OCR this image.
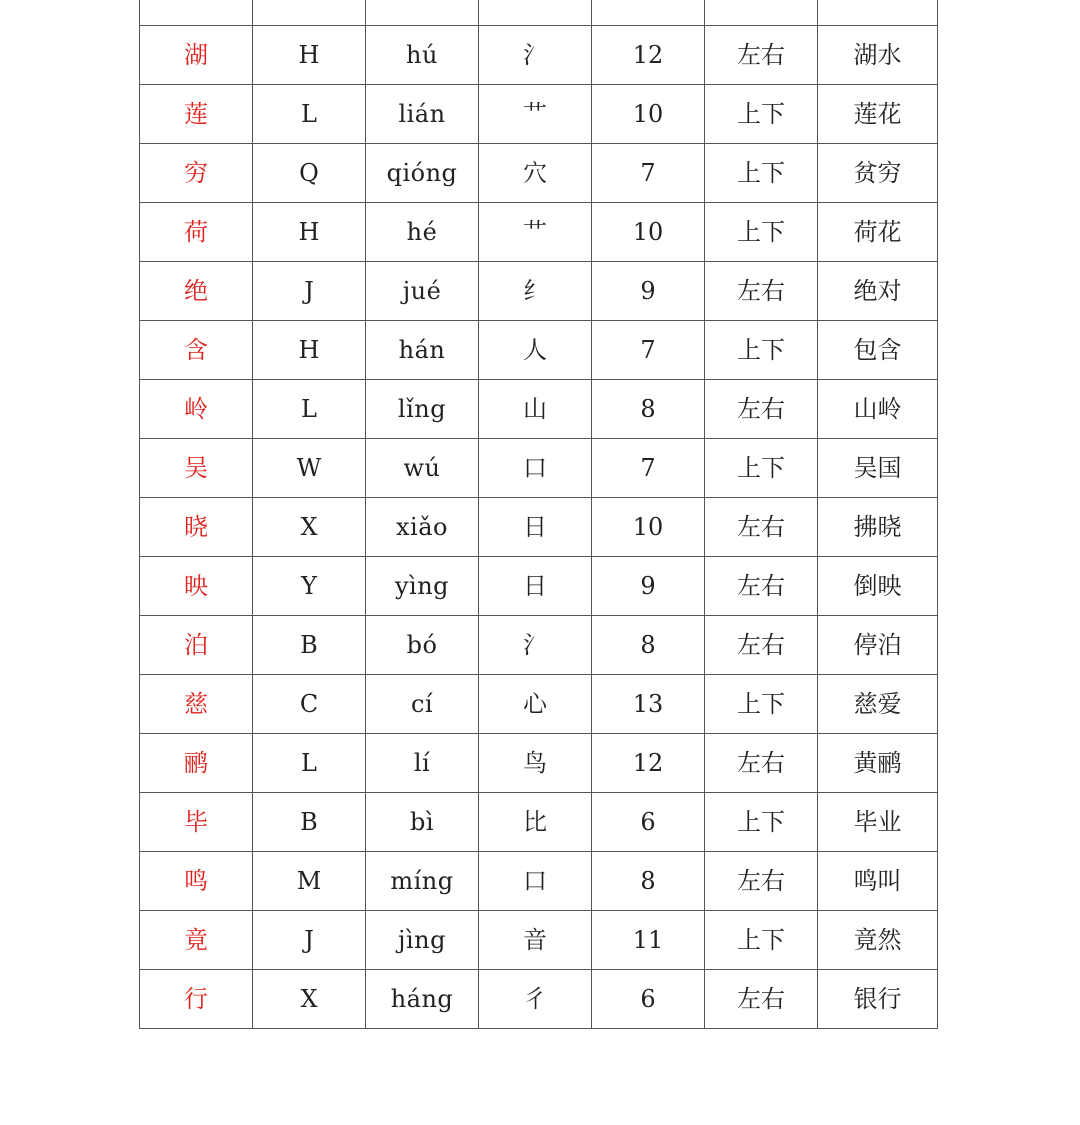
湖	H	hú	氵	12	左右	湖水
莲	L	lián	艹	10	上下	莲花
穷	Q	qióng	穴	7	上下	贫穷
荷	H	hé	艹	10	上下	荷花
绝	J	jué	纟	9	左右	绝对
含	H	hán	人	7	上下	包含
岭	L	lǐng	山	8	左右	山岭
吴	W	wú	口	7	上下	吴国
晓	X	xiǎo	日	10	左右	拂晓
映	Y	yìng	日	9	左右	倒映
泊	B	bó	氵	8	左右	停泊
慈	C	cí	心	13	上下	慈爱
鹂	L	lí	鸟	12	左右	黄鹂
毕	B	bì	比	6	上下	毕业
鸣	M	míng	口	8	左右	鸣叫
竟	J	jìng	音	11	上下	竟然
行	X	háng	彳	6	左右	银行
